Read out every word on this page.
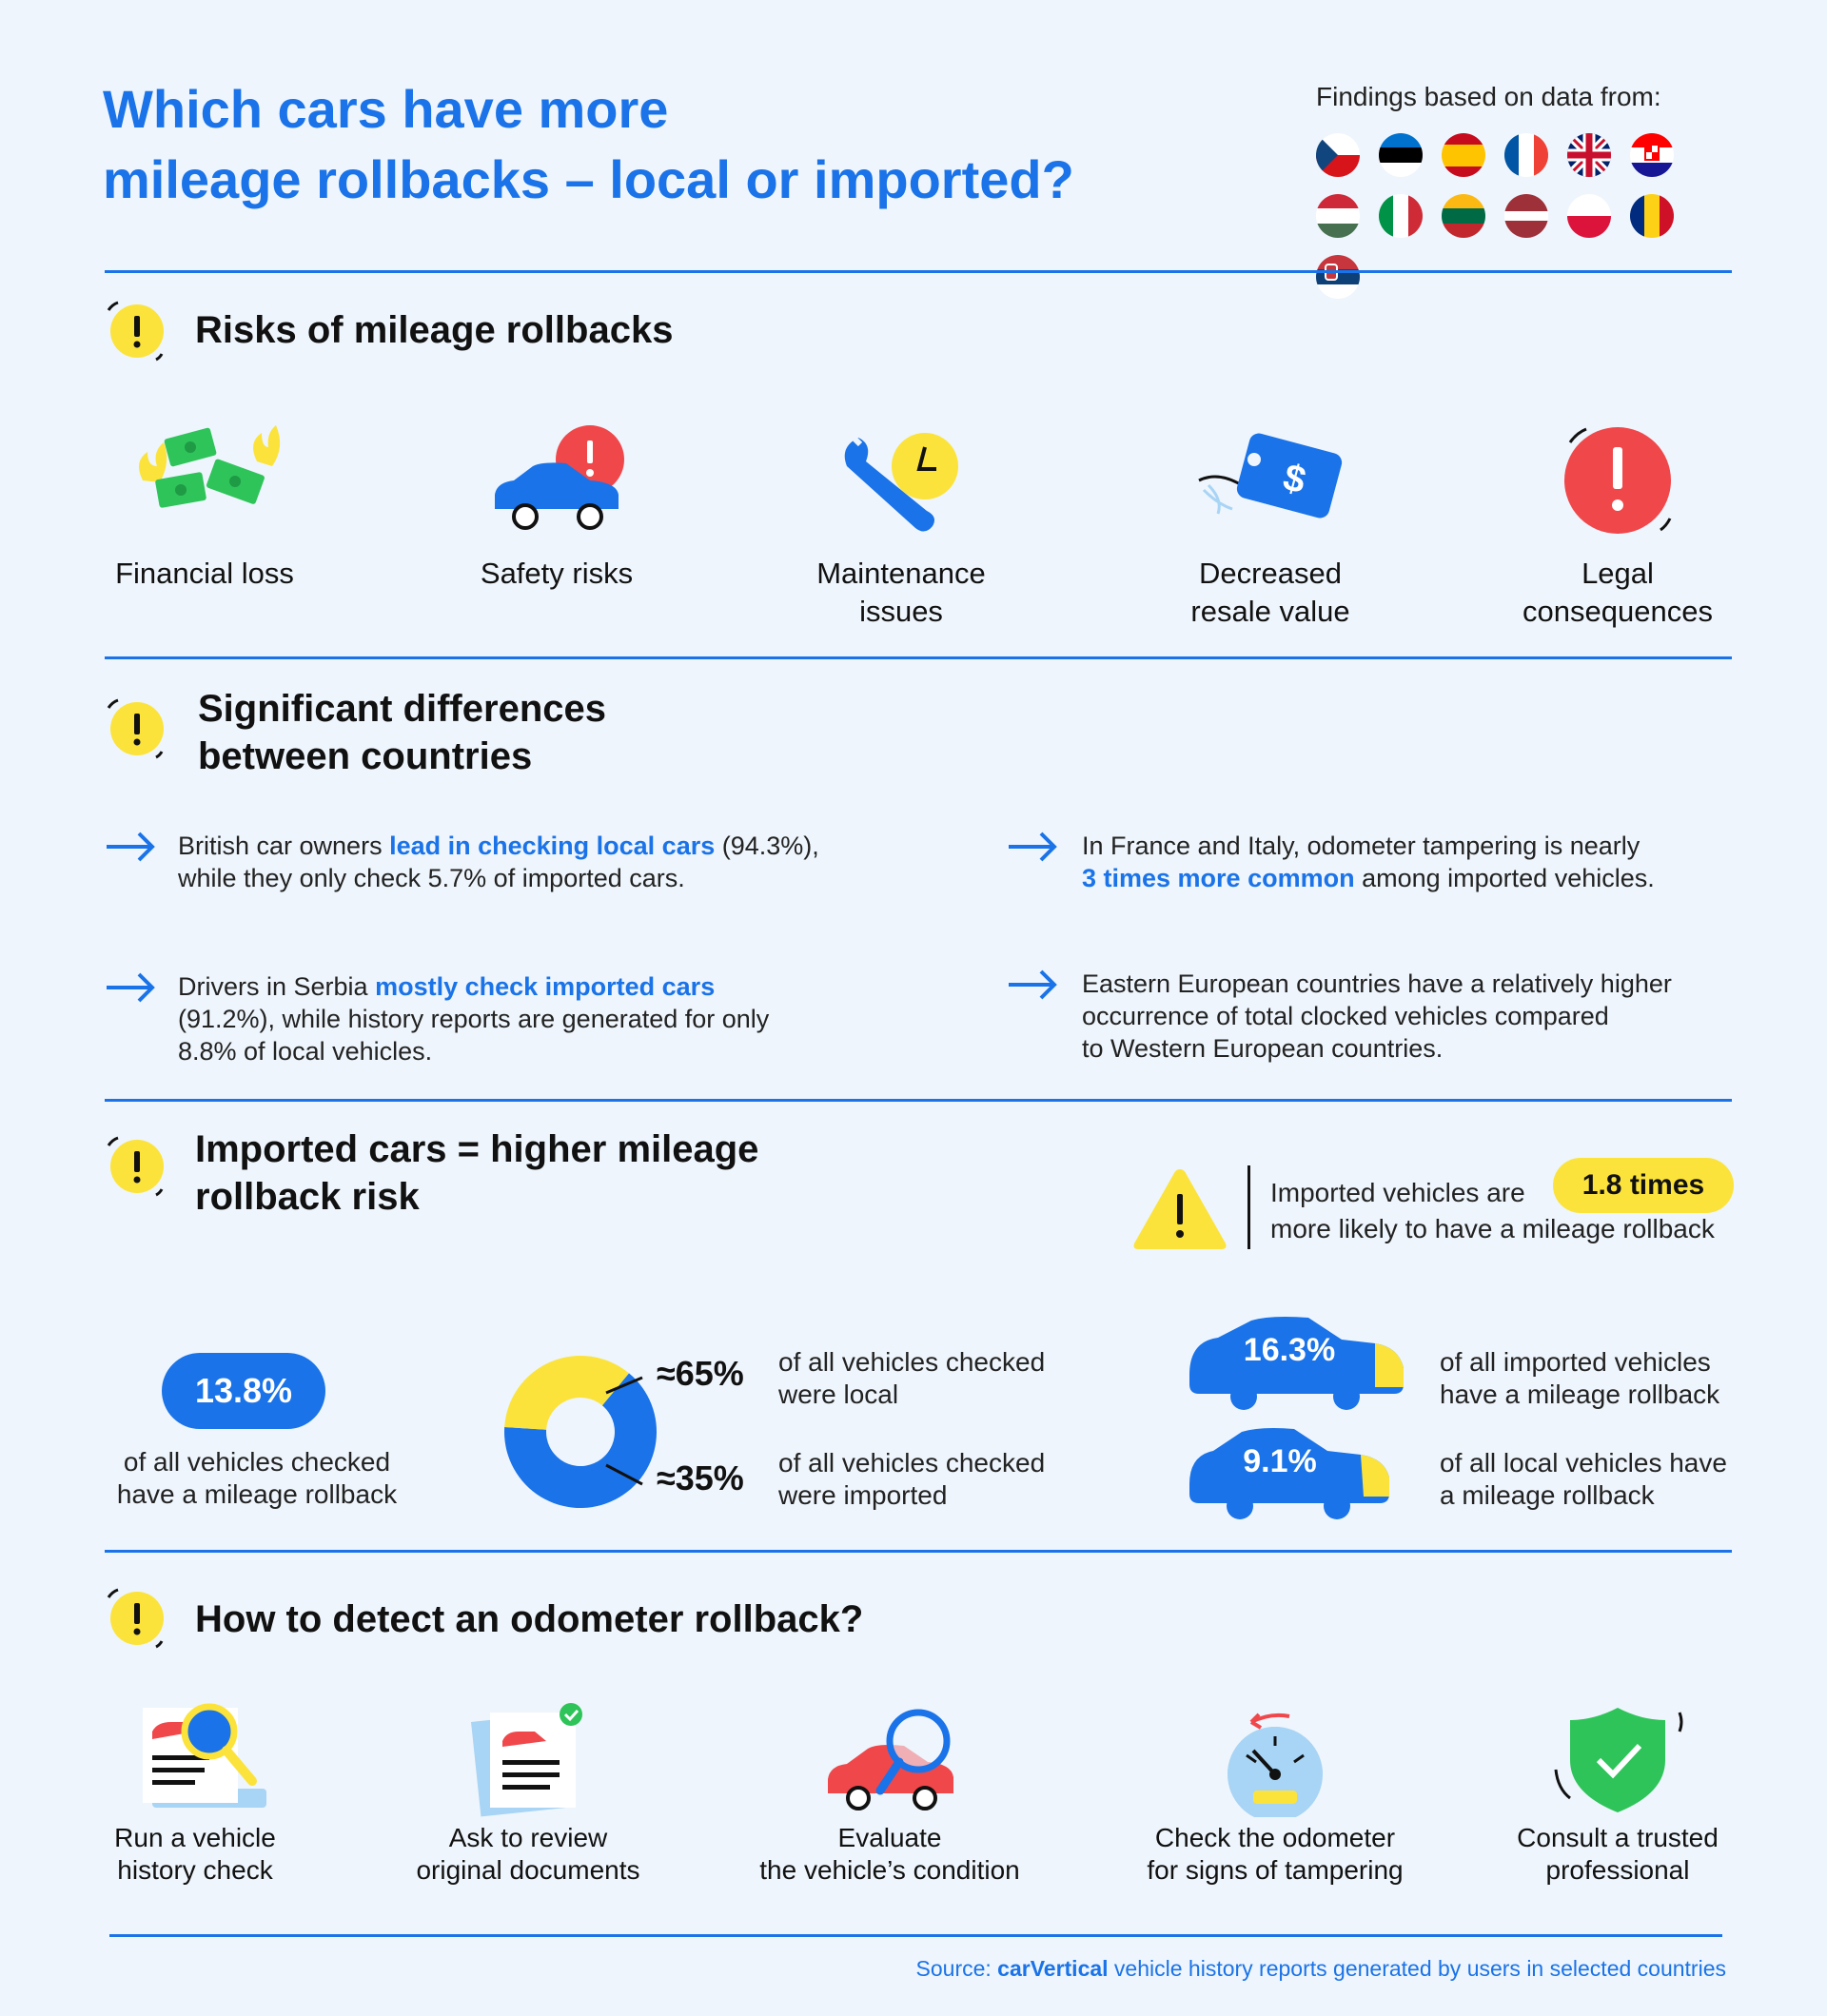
Which cars have more
mileage rollbacks – local or imported?
Findings based on data from:
Risks of mileage rollbacks
Financial loss	Safety risks	Maintenance
issues
$
Decreased
resale value
Legal
consequences
Significant differences
between countries
British car owners lead in checking local cars (94.3%),
while they only check 5.7% of imported cars.
In France and Italy, odometer tampering is nearly
3 times more common among imported vehicles.
Drivers in Serbia mostly check imported cars
(91.2%), while history reports are generated for only
8.8% of local vehicles.
Eastern European countries have a relatively higher
occurrence of total clocked vehicles compared
to Western European countries.
Imported cars = higher mileage
rollback risk	Imported vehicles are	1.8 times
more likely to have a mileage rollback
13.8%
of all vehicles checked
have a mileage rollback
≈65% of all vehicles checked
were local
≈35% of all vehicles checked
were imported
16.3%	of all imported vehicles
have a mileage rollback
9.1%	of all local vehicles have
a mileage rollback
How to detect an odometer rollback?
Run a vehicle
history check
Ask to review
original documents
Evaluate
the vehicle’s condition
Check the odometer
for signs of tampering
Consult a trusted
professional
Source: carVertical vehicle history reports generated by users in selected countries
